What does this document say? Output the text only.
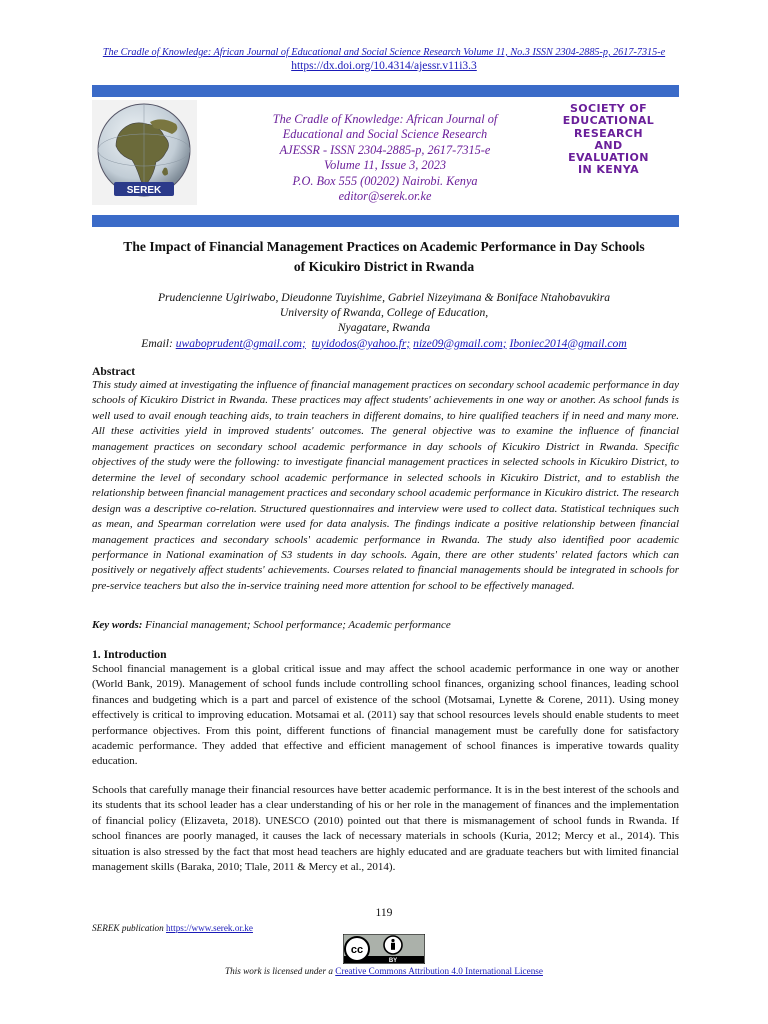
The Cradle of Knowledge: African Journal of Educational and Social Science Research Volume 11, No.3 ISSN 2304-2885-p, 2617-7315-e
https://dx.doi.org/10.4314/ajessr.v11i3.3
SEREK
The Cradle of Knowledge: African Journal of
Educational and Social Science Research
AJESSR - ISSN 2304-2885-p, 2617-7315-e
Volume 11, Issue 3, 2023
P.O. Box 555 (00202) Nairobi. Kenya
editor@serek.or.ke
SOCIETY OF
EDUCATIONAL
RESEARCH
AND
EVALUATION
IN KENYA
The Impact of Financial Management Practices on Academic Performance in Day Schools
of Kicukiro District in Rwanda
Prudencienne Ugiriwabo, Dieudonne Tuyishime, Gabriel Nizeyimana & Boniface Ntahobavukira
University of Rwanda, College of Education,
Nyagatare, Rwanda
Email: uwaboprudent@gmail.com; tuyidodos@yahoo.fr; nize09@gmail.com; Iboniec2014@gmail.com
Abstract
This study aimed at investigating the influence of financial management practices on secondary school academic performance in day schools of Kicukiro District in Rwanda. These practices may affect students' achievements in one way or another. As school funds is well used to avail enough teaching aids, to train teachers in different domains, to hire qualified teachers if in need and many more. All these activities yield in improved students' outcomes. The general objective was to examine the influence of financial management practices on secondary school academic performance in day schools of Kicukiro District in Rwanda. Specific objectives of the study were the following: to investigate financial management practices in selected schools in Kicukiro District, to determine the level of secondary school academic performance in selected schools in Kicukiro District, and to establish the relationship between financial management practices and secondary school academic performance in Kicukiro district. The research design was a descriptive co-relation. Structured questionnaires and interview were used to collect data. Statistical techniques such as mean, and Spearman correlation were used for data analysis. The findings indicate a positive relationship between financial management practices and secondary schools' academic performance in Rwanda. The study also identified poor academic performance in National examination of S3 students in day schools. Again, there are other students' related factors which can positively or negatively affect students' achievements. Courses related to financial managements should be integrated in schools for pre-service teachers but also the in-service training need more attention for school to be effectively managed.
Key words: Financial management; School performance; Academic performance
1. Introduction
School financial management is a global critical issue and may affect the school academic performance in one way or another (World Bank, 2019). Management of school funds include controlling school finances, organizing school finances, leading school finances and budgeting which is a part and parcel of existence of the school (Motsamai, Lynette & Corene, 2011). Using money effectively is critical to improving education. Motsamai et al. (2011) say that school resources levels should enable students to meet performance objectives. From this point, different functions of financial management must be carefully done for satisfactory academic performance. They added that effective and efficient management of school finances is imperative towards quality education.
Schools that carefully manage their financial resources have better academic performance. It is in the best interest of the schools and its students that its school leader has a clear understanding of his or her role in the management of finances and the implementation of financial policy (Elizaveta, 2018). UNESCO (2010) pointed out that there is mismanagement of school funds in Rwanda. If school finances are poorly managed, it causes the lack of necessary materials in schools (Kuria, 2012; Mercy et al., 2014). This situation is also stressed by the fact that most head teachers are highly educated and are graduate teachers but with limited financial management skills (Baraka, 2010; Tlale, 2011 & Mercy et al., 2014).
119
SEREK publication https://www.serek.or.ke
cc
BY
This work is licensed under a Creative Commons Attribution 4.0 International License
